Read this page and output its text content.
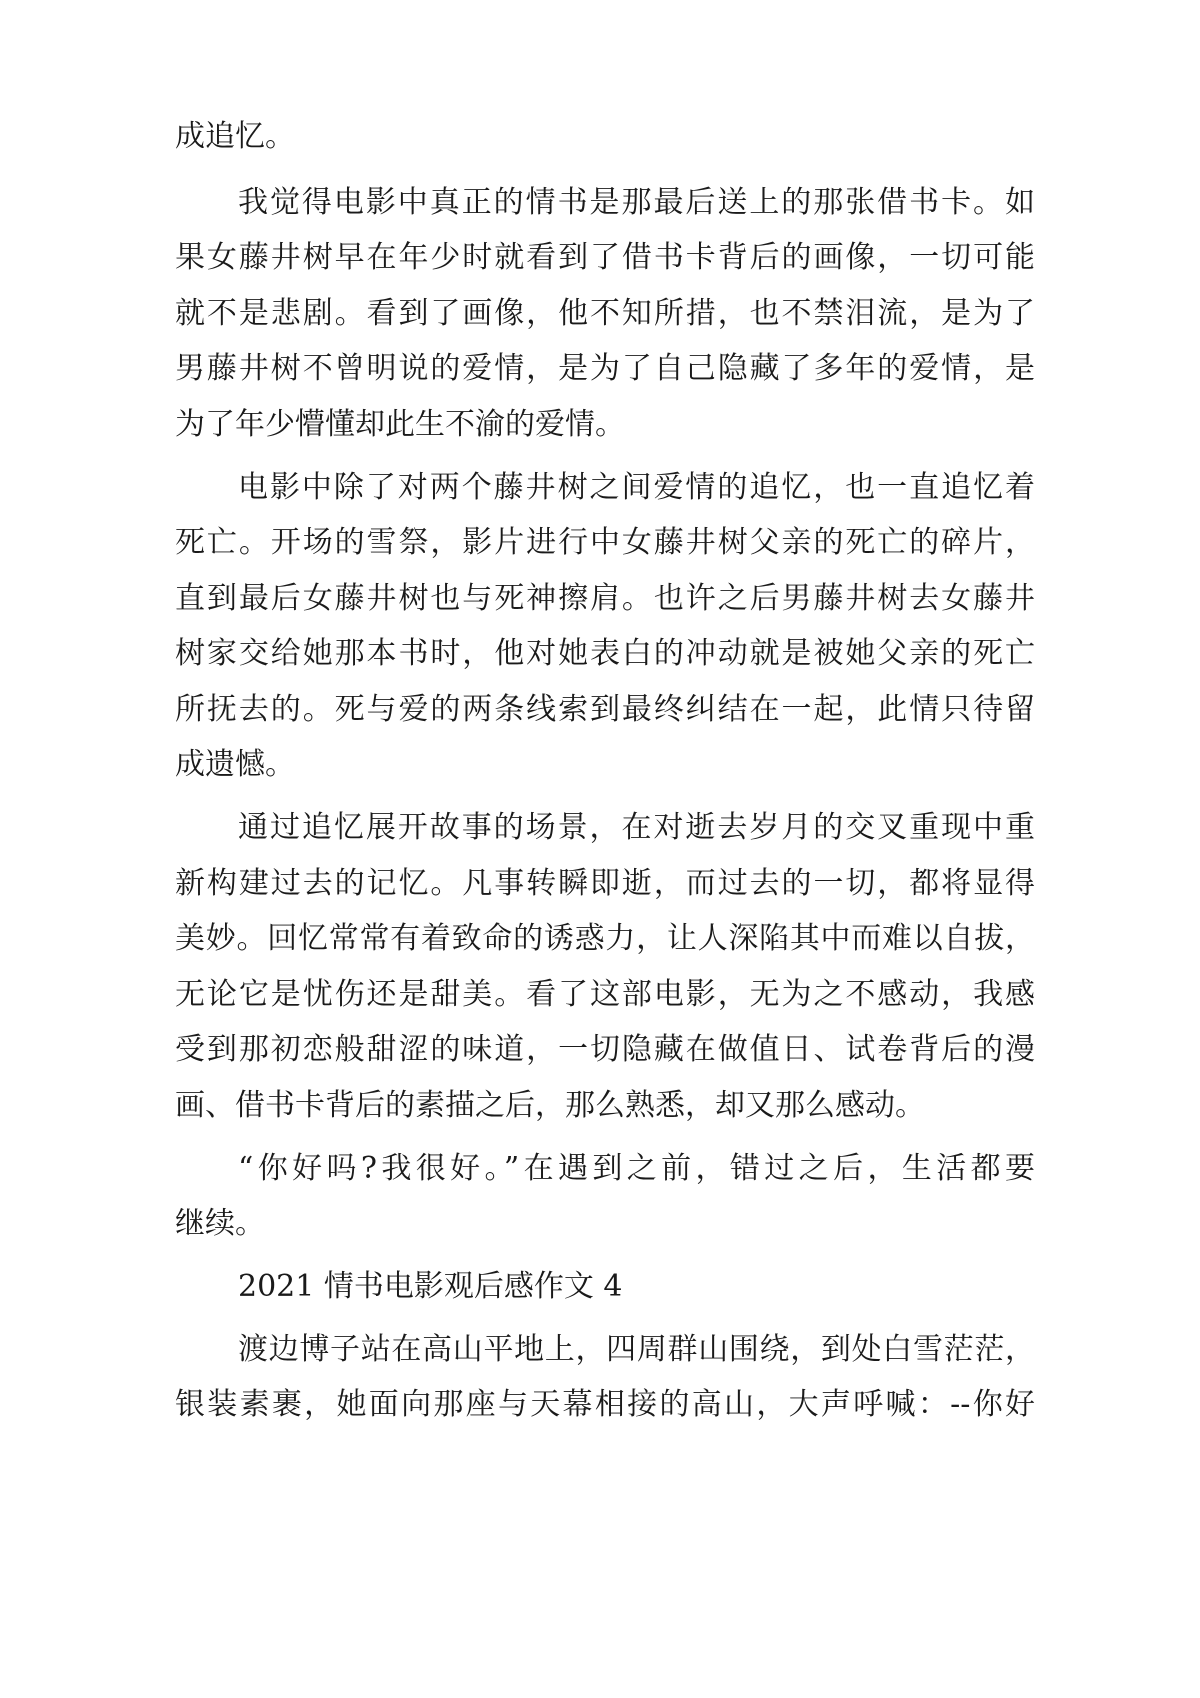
成追忆。
我觉得电影中真正的情书是那最后送上的那张借书卡。如
果女藤井树早在年少时就看到了借书卡背后的画像，一切可能
就不是悲剧。看到了画像，他不知所措，也不禁泪流，是为了
男藤井树不曾明说的爱情，是为了自己隐藏了多年的爱情，是
为了年少懵懂却此生不渝的爱情。
电影中除了对两个藤井树之间爱情的追忆，也一直追忆着
死亡。开场的雪祭，影片进行中女藤井树父亲的死亡的碎片，
直到最后女藤井树也与死神擦肩。也许之后男藤井树去女藤井
树家交给她那本书时，他对她表白的冲动就是被她父亲的死亡
所抚去的。死与爱的两条线索到最终纠结在一起，此情只待留
成遗憾。
通过追忆展开故事的场景，在对逝去岁月的交叉重现中重
新构建过去的记忆。凡事转瞬即逝，而过去的一切，都将显得
美妙。回忆常常有着致命的诱惑力，让人深陷其中而难以自拔，
无论它是忧伤还是甜美。看了这部电影，无为之不感动，我感
受到那初恋般甜涩的味道，一切隐藏在做值日、试卷背后的漫
画、借书卡背后的素描之后，那么熟悉，却又那么感动。
“你好吗?我很好。”在遇到之前，错过之后，生活都要
继续。
2021 情书电影观后感作文 4
渡边博子站在高山平地上，四周群山围绕，到处白雪茫茫，
银装素裹，她面向那座与天幕相接的高山，大声呼喊：--你好
